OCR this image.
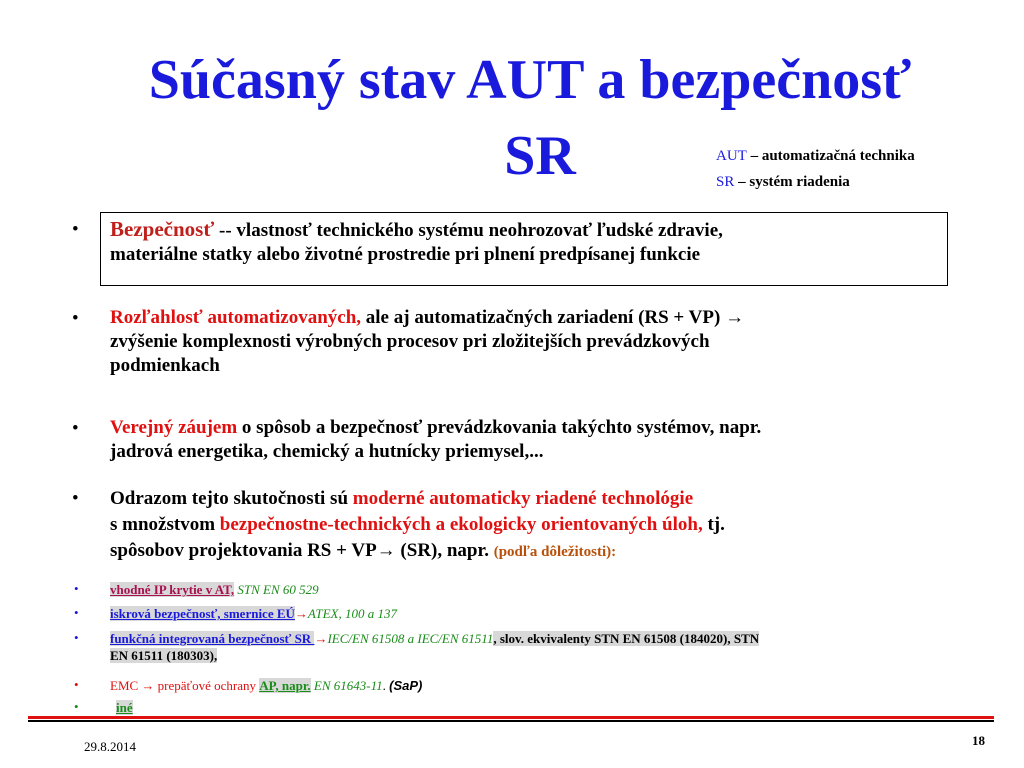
Súčasný stav AUT a bezpečnosť
SR	AUT – automatizačná technika
SR – systém riadenia
• Bezpečnosť -- vlastnosť technického systému neohrozovať ľudské zdravie,
materiálne statky alebo životné prostredie pri plnení predpísanej funkcie
• Rozľahlosť automatizovaných, ale aj automatizačných zariadení (RS + VP) →
zvýšenie komplexnosti výrobných procesov pri zložitejších prevádzkových
podmienkach
• Verejný záujem o spôsob a bezpečnosť prevádzkovania takýchto systémov, napr.
jadrová energetika, chemický a hutnícky priemysel,...
• Odrazom tejto skutočnosti sú moderné automaticky riadené technológie
s množstvom bezpečnostne-technických a ekologicky orientovaných úloh, tj.
spôsobov projektovania RS + VP→ (SR), napr. (podľa dôležitosti):
• vhodné IP krytie v AT, STN EN 60 529
• iskrová bezpečnosť, smernice EÚ→ATEX, 100 a 137
• funkčná integrovaná bezpečnosť SR →IEC/EN 61508 a IEC/EN 61511, slov. ekvivalenty STN EN 61508 (184020), STN
EN 61511 (180303),
• EMC → prepäťové ochrany AP, napr. EN 61643-11. (SaP)
•	iné
29.8.2014	18
